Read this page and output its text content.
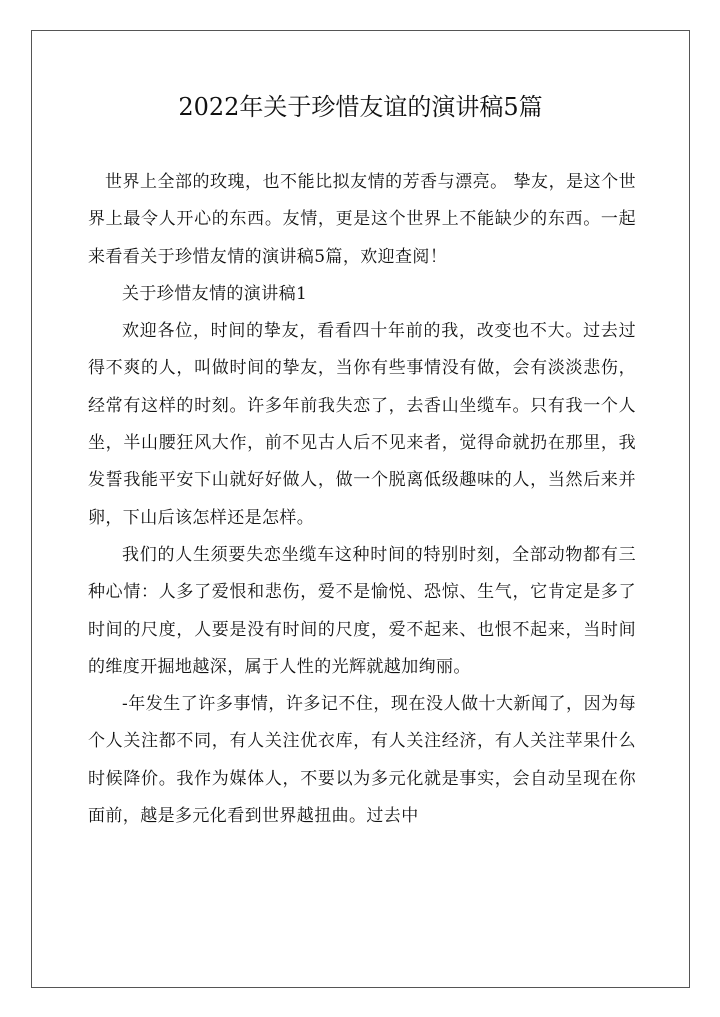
2022年关于珍惜友谊的演讲稿5篇

世界上全部的玫瑰，也不能比拟友情的芳香与漂亮。 挚友，是这个世界上最令人开心的东西。友情，更是这个世界上不能缺少的东西。一起来看看关于珍惜友情的演讲稿5篇，欢迎查阅！

关于珍惜友情的演讲稿1

欢迎各位，时间的挚友，看看四十年前的我，改变也不大。过去过得不爽的人，叫做时间的挚友，当你有些事情没有做，会有淡淡悲伤，经常有这样的时刻。许多年前我失恋了，去香山坐缆车。只有我一个人坐，半山腰狂风大作，前不见古人后不见来者，觉得命就扔在那里，我发誓我能平安下山就好好做人，做一个脱离低级趣味的人，当然后来并卵，下山后该怎样还是怎样。

我们的人生须要失恋坐缆车这种时间的特别时刻，全部动物都有三种心情：人多了爱恨和悲伤，爱不是愉悦、恐惊、生气，它肯定是多了时间的尺度，人要是没有时间的尺度，爱不起来、也恨不起来，当时间的维度开掘地越深，属于人性的光辉就越加绚丽。

-年发生了许多事情，许多记不住，现在没人做十大新闻了，因为每个人关注都不同，有人关注优衣库，有人关注经济，有人关注苹果什么时候降价。我作为媒体人，不要以为多元化就是事实，会自动呈现在你面前，越是多元化看到世界越扭曲。过去中
